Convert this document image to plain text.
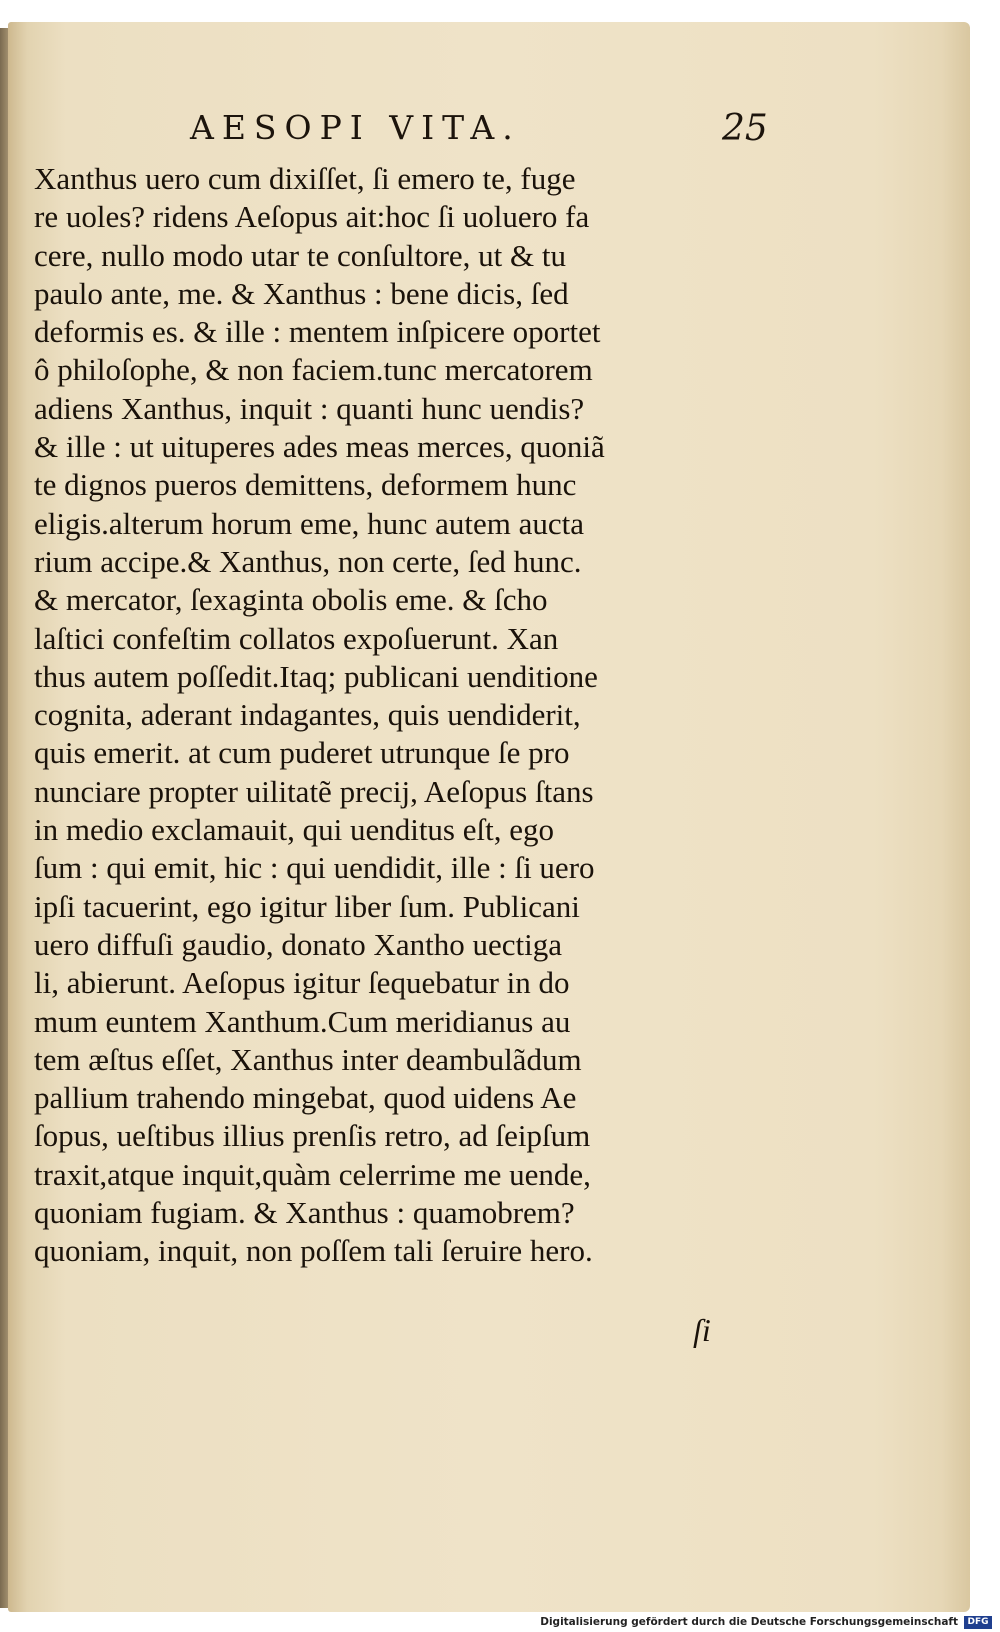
AESOPI VITA.	25
Xanthus uero cum dixiſſet, ſi emero te, fuge
re uoles? ridens Aeſopus ait:hoc ſi uoluero fa
cere, nullo modo utar te conſultore, ut & tu
paulo ante, me. & Xanthus : bene dicis, ſed
deformis es. & ille : mentem inſpicere oportet
ô philoſophe, & non faciem.tunc mercatorem
adiens Xanthus, inquit : quanti hunc uendis?
& ille : ut uituperes ades meas merces, quoniã
te dignos pueros demittens, deformem hunc
eligis.alterum horum eme, hunc autem aucta
rium accipe.& Xanthus, non certe, ſed hunc.
& mercator, ſexaginta obolis eme. & ſcho
laſtici confeſtim collatos expoſuerunt. Xan
thus autem poſſedit.Itaq; publicani uenditione
cognita, aderant indagantes, quis uendiderit,
quis emerit. at cum puderet utrunque ſe pro
nunciare propter uilitatẽ precij, Aeſopus ſtans
in medio exclamauit, qui uenditus eſt, ego
ſum : qui emit, hic : qui uendidit, ille : ſi uero
ipſi tacuerint, ego igitur liber ſum. Publicani
uero diffuſi gaudio, donato Xantho uectiga
li, abierunt. Aeſopus igitur ſequebatur in do
mum euntem Xanthum.Cum meridianus au
tem æſtus eſſet, Xanthus inter deambulãdum
pallium trahendo mingebat, quod uidens Ae
ſopus, ueſtibus illius prenſis retro, ad ſeipſum
traxit,atque inquit,quàm celerrime me uende,
quoniam fugiam. & Xanthus : quamobrem?
quoniam, inquit, non poſſem tali ſeruire hero.
ſi
Digitalisierung gefördert durch die Deutsche Forschungsgemeinschaft	DFG
